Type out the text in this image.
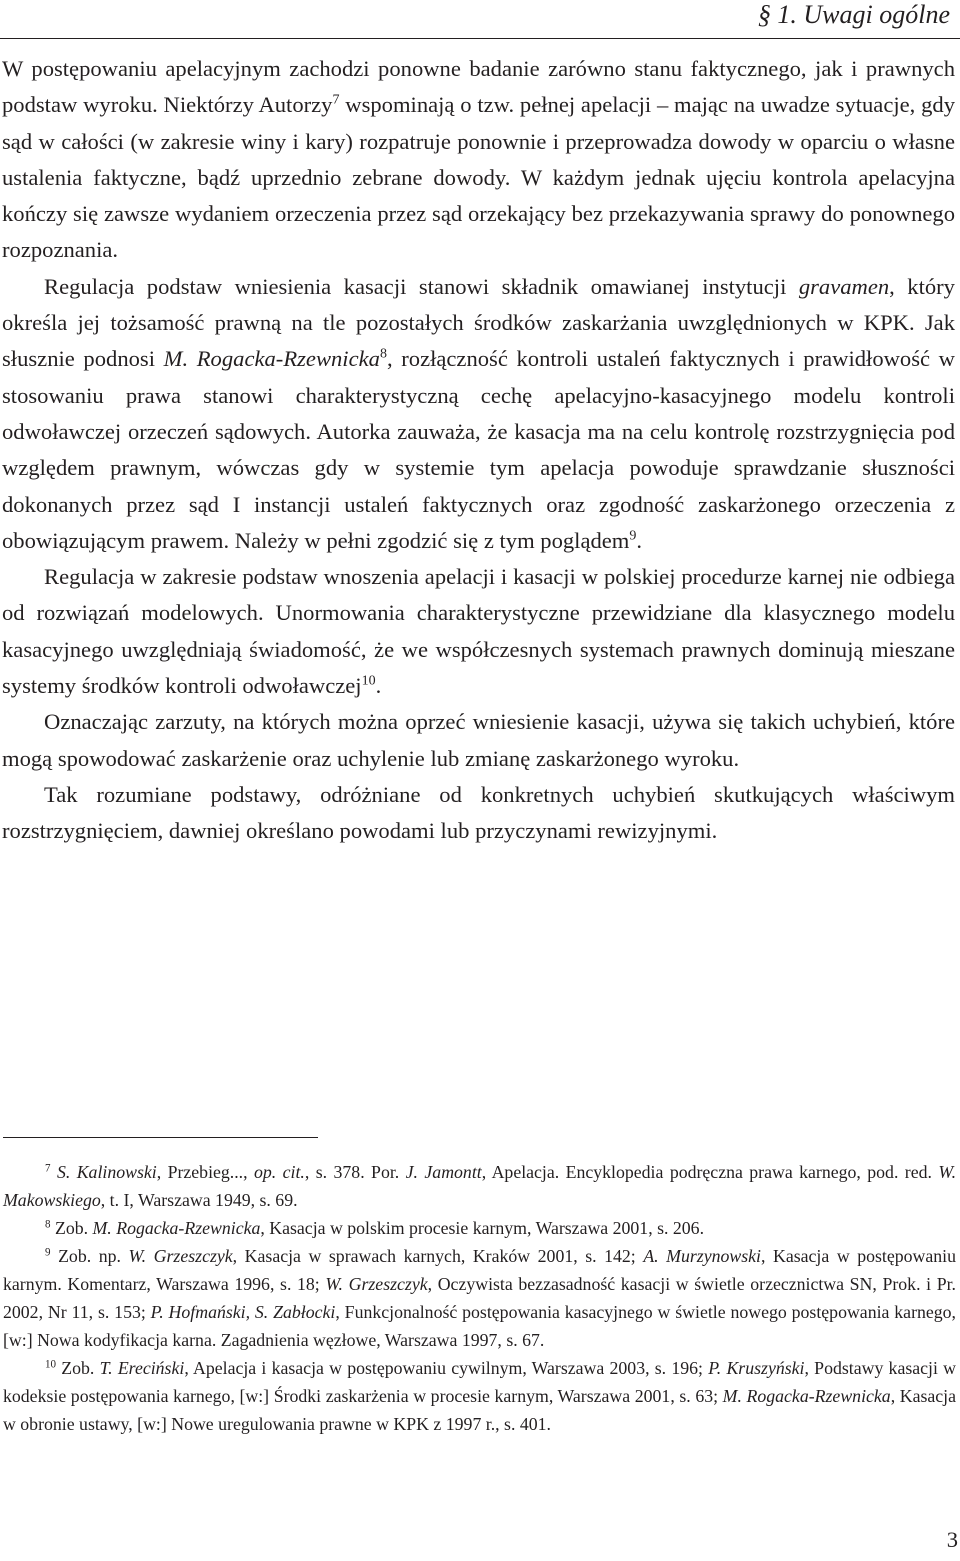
§ 1. Uwagi ogólne

W postępowaniu apelacyjnym zachodzi ponowne badanie zarówno stanu faktycznego, jak i prawnych podstaw wyroku. Niektórzy Autorzy$^7$ wspominają o tzw. pełnej apelacji – mając na uwadze sytuacje, gdy sąd w całości (w zakresie winy i kary) rozpatruje ponownie i przeprowadza dowody w oparciu o własne ustalenia faktyczne, bądź uprzednio zebrane dowody. W każdym jednak ujęciu kontrola apelacyjna kończy się zawsze wydaniem orzeczenia przez sąd orzekający bez przekazywania sprawy do ponownego rozpoznania.

Regulacja podstaw wniesienia kasacji stanowi składnik omawianej instytucji gravamen, który określa jej tożsamość prawną na tle pozostałych środków zaskarżania uwzględnionych w KPK. Jak słusznie podnosi M. Rogacka-Rzewnicka$^8$, rozłączność kontroli ustaleń faktycznych i prawidłowość w stosowaniu prawa stanowi charakterystyczną cechę apelacyjno-kasacyjnego modelu kontroli odwoławczej orzeczeń sądowych. Autorka zauważa, że kasacja ma na celu kontrolę rozstrzygnięcia pod względem prawnym, wówczas gdy w systemie tym apelacja powoduje sprawdzanie słuszności dokonanych przez sąd I instancji ustaleń faktycznych oraz zgodność zaskarżonego orzeczenia z obowiązującym prawem. Należy w pełni zgodzić się z tym poglądem$^9$.

Regulacja w zakresie podstaw wnoszenia apelacji i kasacji w polskiej procedurze karnej nie odbiega od rozwiązań modelowych. Unormowania charakterystyczne przewidziane dla klasycznego modelu kasacyjnego uwzględniają świadomość, że we współczesnych systemach prawnych dominują mieszane systemy środków kontroli odwoławczej$^{10}$.

Oznaczając zarzuty, na których można oprzeć wniesienie kasacji, używa się takich uchybień, które mogą spowodować zaskarżenie oraz uchylenie lub zmianę zaskarżonego wyroku.

Tak rozumiane podstawy, odróżniane od konkretnych uchybień skutkujących właściwym rozstrzygnięciem, dawniej określano powodami lub przyczynami rewizyjnymi.

$^7$ S. Kalinowski, Przebieg..., op. cit., s. 378. Por. J. Jamontt, Apelacja. Encyklopedia podręczna prawa karnego, pod. red. W. Makowskiego, t. I, Warszawa 1949, s. 69.

$^8$ Zob. M. Rogacka-Rzewnicka, Kasacja w polskim procesie karnym, Warszawa 2001, s. 206.

$^9$ Zob. np. W. Grzeszczyk, Kasacja w sprawach karnych, Kraków 2001, s. 142; A. Murzynowski, Kasacja w postępowaniu karnym. Komentarz, Warszawa 1996, s. 18; W. Grzeszczyk, Oczywista bezzasadność kasacji w świetle orzecznictwa SN, Prok. i Pr. 2002, Nr 11, s. 153; P. Hofmański, S. Zabłocki, Funkcjonalność postępowania kasacyjnego w świetle nowego postępowania karnego, [w:] Nowa kodyfikacja karna. Zagadnienia węzłowe, Warszawa 1997, s. 67.

$^{10}$ Zob. T. Ereciński, Apelacja i kasacja w postępowaniu cywilnym, Warszawa 2003, s. 196; P. Kruszyński, Podstawy kasacji w kodeksie postępowania karnego, [w:] Środki zaskarżenia w procesie karnym, Warszawa 2001, s. 63; M. Rogacka-Rzewnicka, Kasacja w obronie ustawy, [w:] Nowe uregulowania prawne w KPK z 1997 r., s. 401.

3
